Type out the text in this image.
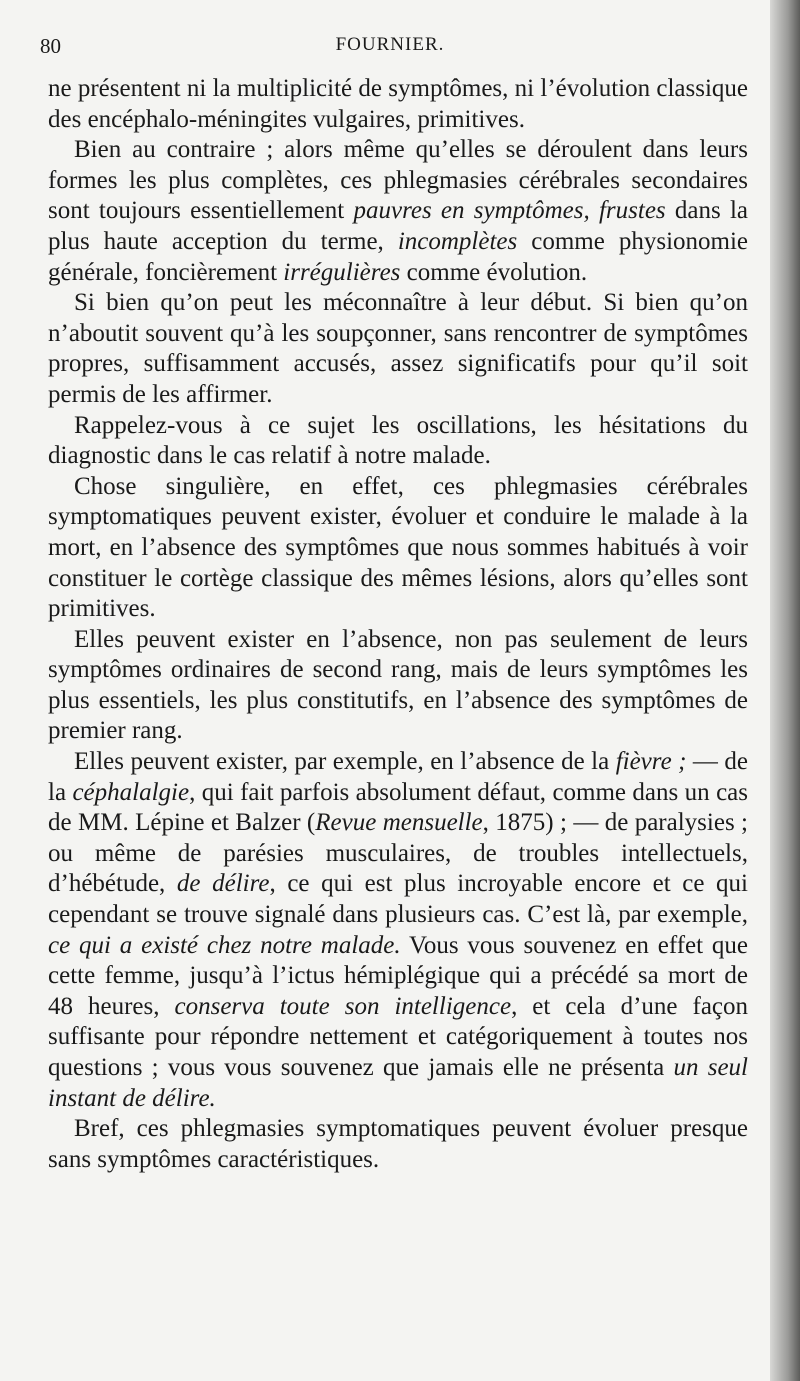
80	FOURNIER.

ne présentent ni la multiplicité de symptômes, ni l’évolution classique des encéphalo-méningites vulgaires, primitives.

Bien au contraire ; alors même qu’elles se déroulent dans leurs formes les plus complètes, ces phlegmasies cérébrales secondaires sont toujours essentiellement pauvres en symptômes, frustes dans la plus haute acception du terme, incomplètes comme physionomie générale, foncièrement irrégulières comme évolution.

Si bien qu’on peut les méconnaître à leur début. Si bien qu’on n’aboutit souvent qu’à les soupçonner, sans rencontrer de symptômes propres, suffisamment accusés, assez significatifs pour qu’il soit permis de les affirmer.

Rappelez-vous à ce sujet les oscillations, les hésitations du diagnostic dans le cas relatif à notre malade.

Chose singulière, en effet, ces phlegmasies cérébrales symptomatiques peuvent exister, évoluer et conduire le malade à la mort, en l’absence des symptômes que nous sommes habitués à voir constituer le cortège classique des mêmes lésions, alors qu’elles sont primitives.

Elles peuvent exister en l’absence, non pas seulement de leurs symptômes ordinaires de second rang, mais de leurs symptômes les plus essentiels, les plus constitutifs, en l’absence des symptômes de premier rang.

Elles peuvent exister, par exemple, en l’absence de la fièvre ; — de la céphalalgie, qui fait parfois absolument défaut, comme dans un cas de MM. Lépine et Balzer (Revue mensuelle, 1875) ; — de paralysies ; ou même de parésies musculaires, de troubles intellectuels, d’hébétude, de délire, ce qui est plus incroyable encore et ce qui cependant se trouve signalé dans plusieurs cas. C’est là, par exemple, ce qui a existé chez notre malade. Vous vous souvenez en effet que cette femme, jusqu’à l’ictus hémiplégique qui a précédé sa mort de 48 heures, conserva toute son intelligence, et cela d’une façon suffisante pour répondre nettement et catégoriquement à toutes nos questions ; vous vous souvenez que jamais elle ne présenta un seul instant de délire.

Bref, ces phlegmasies symptomatiques peuvent évoluer presque sans symptômes caractéristiques.
